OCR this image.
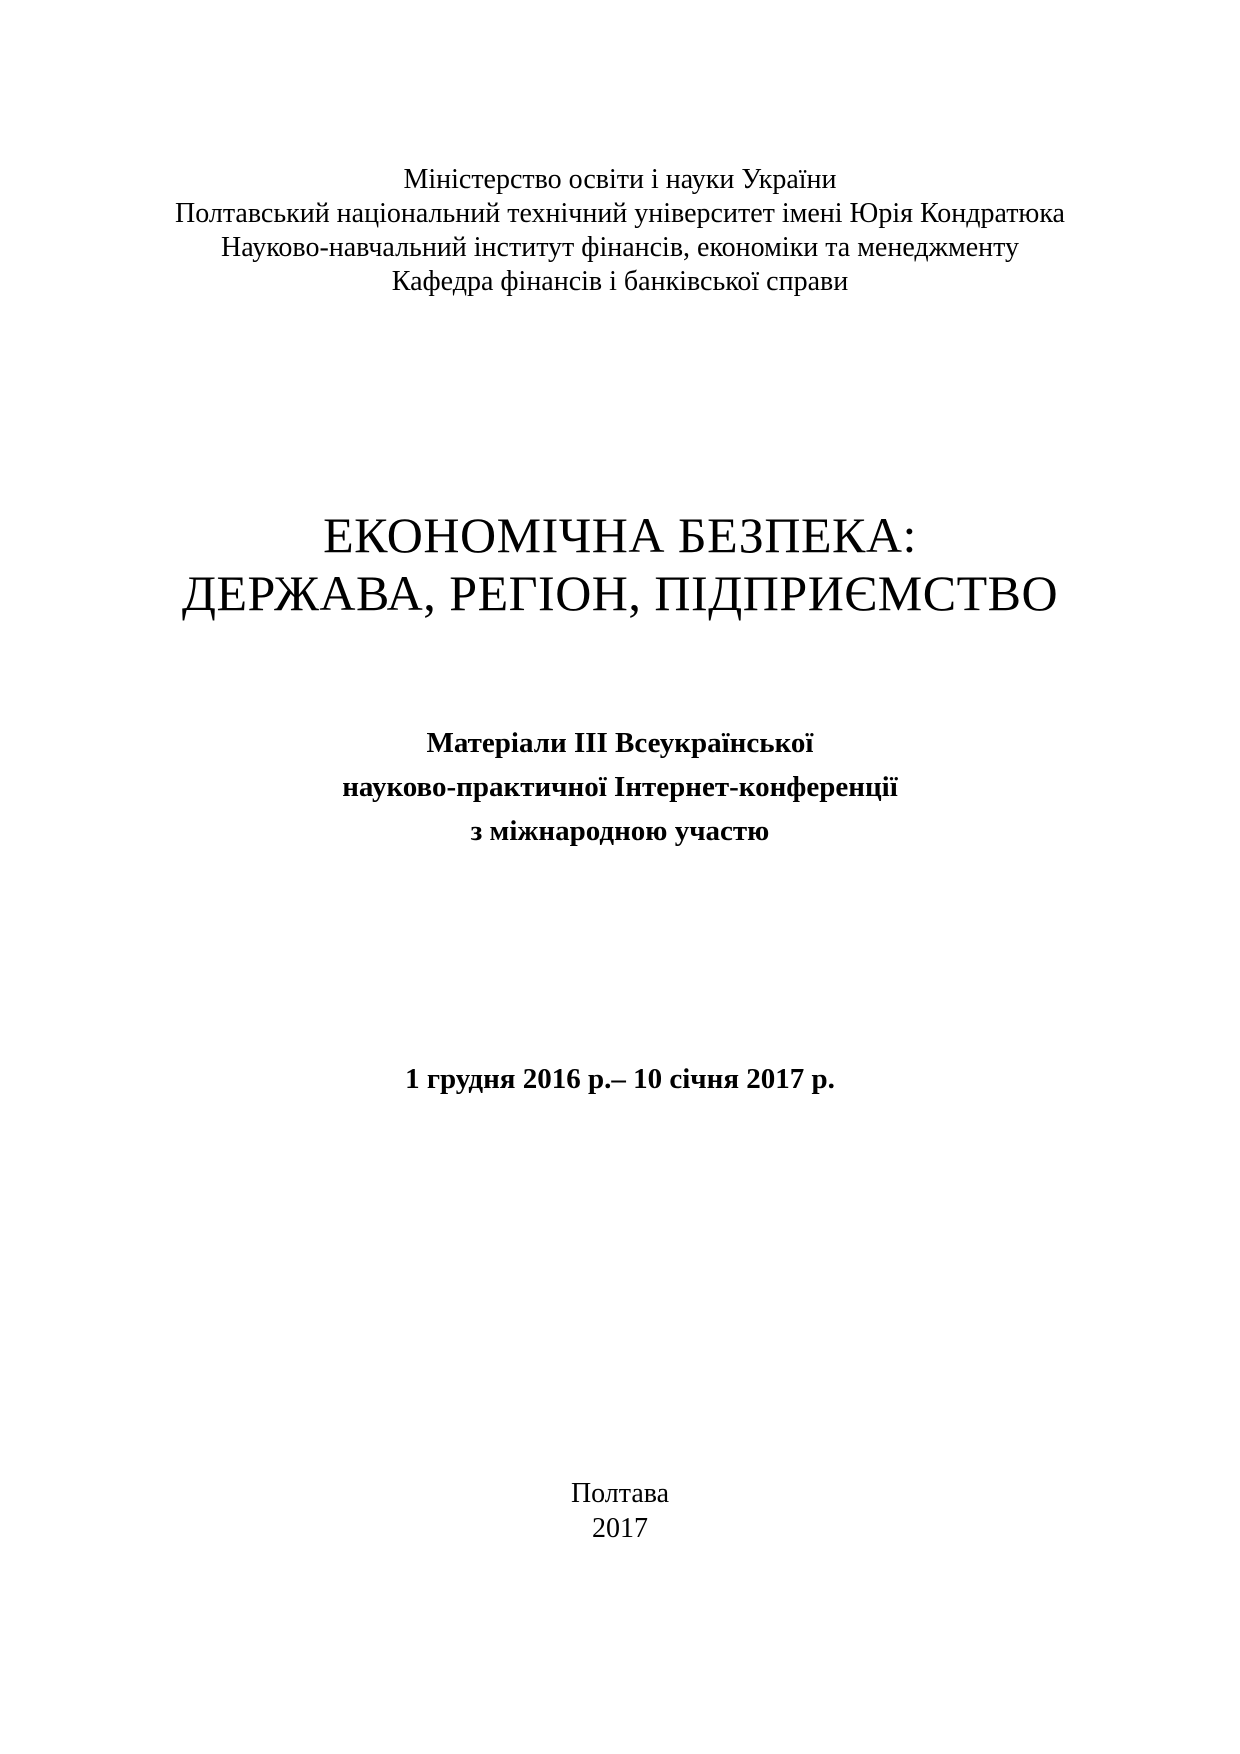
Міністерство освіти і науки України
Полтавський національний технічний університет імені Юрія Кондратюка
Науково-навчальний інститут фінансів, економіки та менеджменту
Кафедра фінансів і банківської справи
ЕКОНОМІЧНА БЕЗПЕКА:
ДЕРЖАВА, РЕГІОН, ПІДПРИЄМСТВО
Матеріали ІІІ Всеукраїнської
науково-практичної Інтернет-конференції
з міжнародною участю
1 грудня 2016 р.– 10 січня 2017 р.
Полтава
2017
